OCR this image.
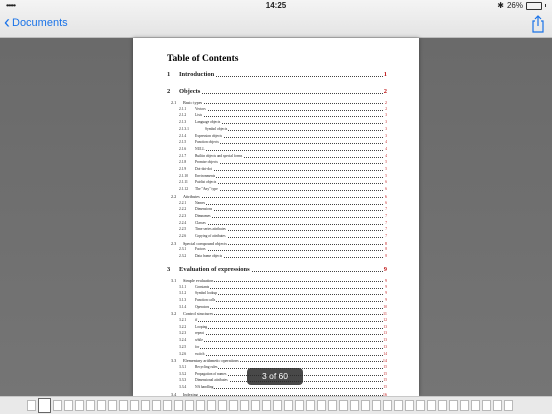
•••••	14:25	✱ 26%
‹ Documents
Table of Contents
1 Introduction	1
2 Objects	2
2.1 Basic types	2
2.1.1 Vectors	2
2.1.2 Lists	3
2.1.3 Language objects	3
2.1.3.1	Symbol objects	3
2.1.4 Expression objects	3
2.1.5 Function objects	4
2.1.6 NULL	4
2.1.7 Builtin objects and special forms	4
2.1.8 Promise objects	5
2.1.9 Dot-dot-dot	5
2.1.10 Environments	5
2.1.11 Pairlist objects	6
2.1.12 The "Any" type	6
2.2 Attributes	6
2.2.1 Names	6
2.2.2 Dimensions	7
2.2.3 Dimnames	7
2.2.4 Classes	7
2.2.5 Time series attributes	7
2.2.6 Copying of attributes	7
2.3 Special compound objects	8
2.3.1 Factors	8
2.3.2 Data frame objects	8
3 Evaluation of expressions	9
3.1 Simple evaluation	9
3.1.1 Constants	9
3.1.2 Symbol lookup	9
3.1.3 Function calls	9
3.1.4 Operators	10
3.2 Control structures	11
3.2.1 if	12
3.2.2 Looping	13
3.2.3 repeat	13
3.2.4 while	13
3.2.5 for	13
3.2.6 switch	14
3.3 Elementary arithmetic operations	14
3.3.1 Recycling rules	15
3.3.2 Propagation of names	15
3.3.3 Dimensional attributes	15
3.3.4 NA handling	15
3.4 Indexing	16
3 of 60
